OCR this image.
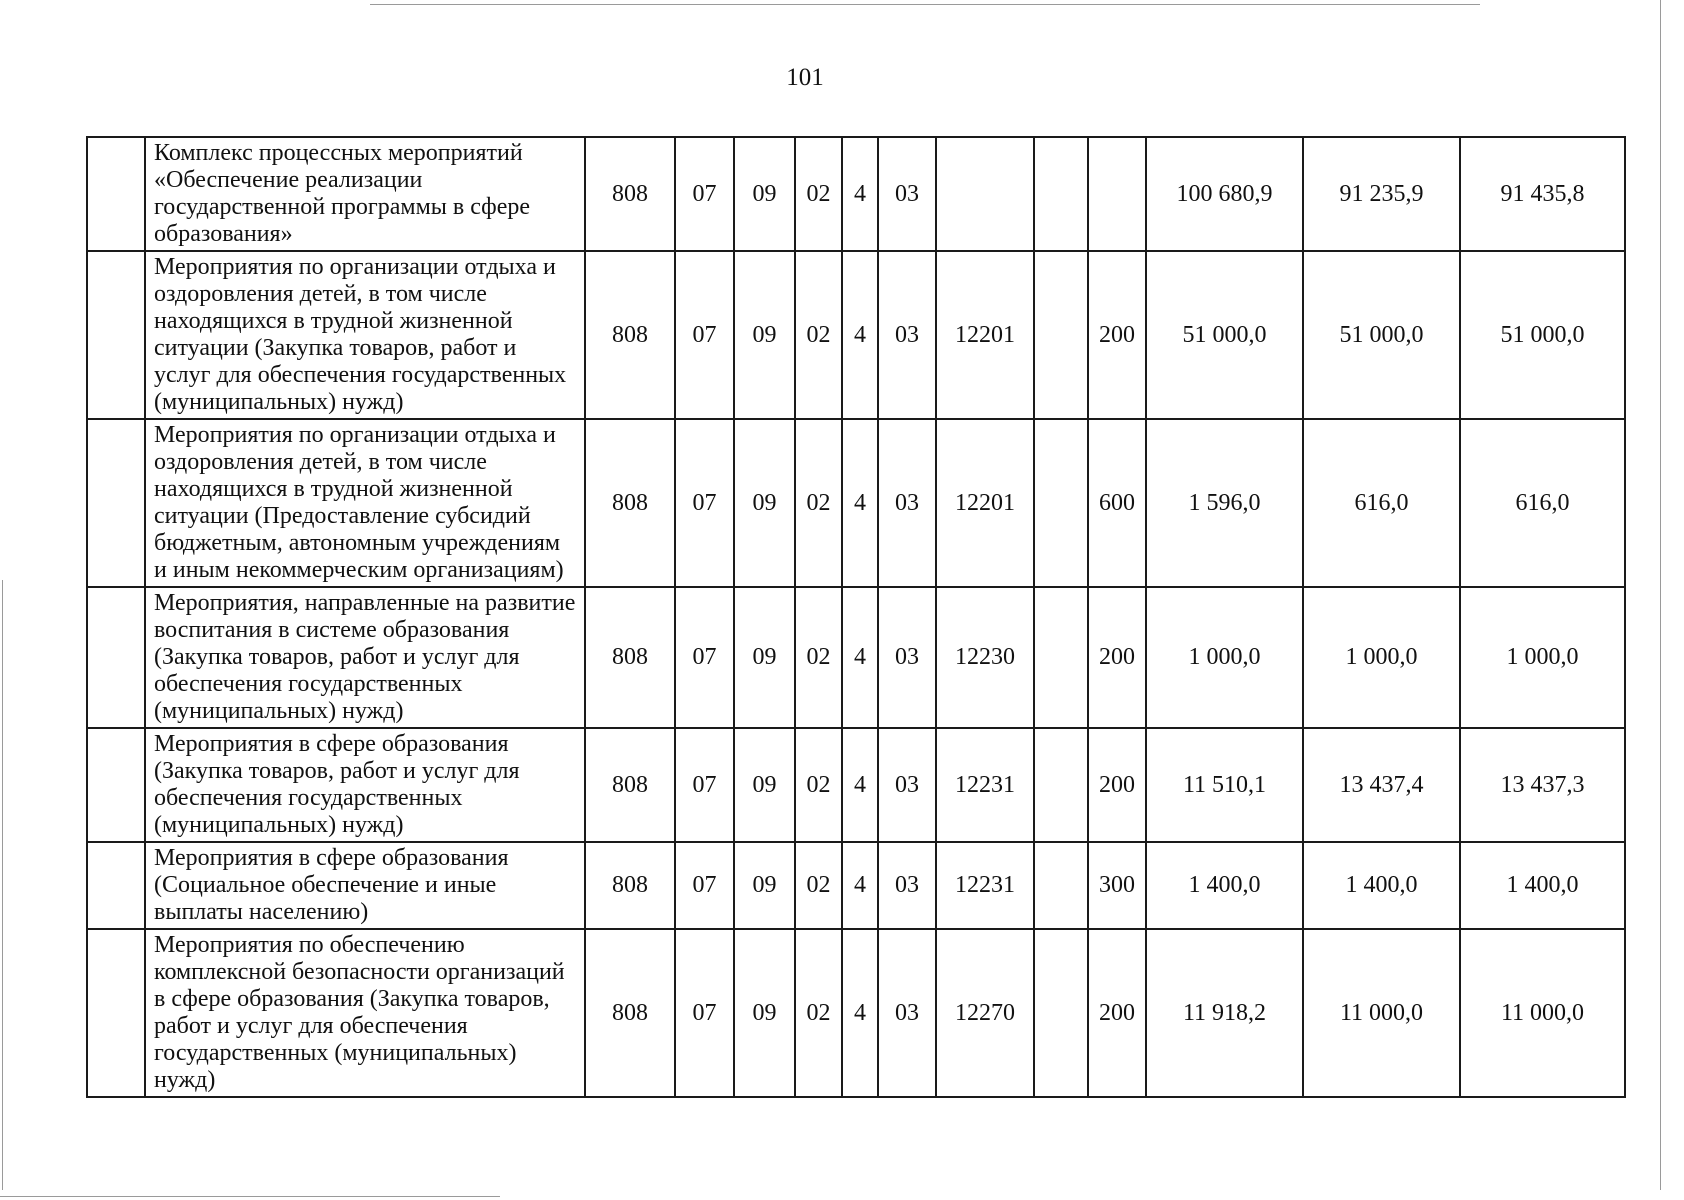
101
	Комплекс процессных мероприятий «Обеспечение реализации государственной программы в сфере образования»	808	07	09	02	4	03				100 680,9	91 235,9	91 435,8
	Мероприятия по организации отдыха и оздоровления детей, в том числе находящихся в трудной жизненной ситуации (Закупка товаров, работ и услуг для обеспечения государственных (муниципальных) нужд)	808	07	09	02	4	03	12201		200	51 000,0	51 000,0	51 000,0
	Мероприятия по организации отдыха и оздоровления детей, в том числе находящихся в трудной жизненной ситуации (Предоставление субсидий бюджетным, автономным учреждениям и иным некоммерческим организациям)	808	07	09	02	4	03	12201		600	1 596,0	616,0	616,0
	Мероприятия, направленные на развитие воспитания в системе образования (Закупка товаров, работ и услуг для обеспечения государственных (муниципальных) нужд)	808	07	09	02	4	03	12230		200	1 000,0	1 000,0	1 000,0
	Мероприятия в сфере образования (Закупка товаров, работ и услуг для обеспечения государственных (муниципальных) нужд)	808	07	09	02	4	03	12231		200	11 510,1	13 437,4	13 437,3
	Мероприятия в сфере образования (Социальное обеспечение и иные выплаты населению)	808	07	09	02	4	03	12231		300	1 400,0	1 400,0	1 400,0
	Мероприятия по обеспечению комплексной безопасности организаций в сфере образования (Закупка товаров, работ и услуг для обеспечения государственных (муниципальных) нужд)	808	07	09	02	4	03	12270		200	11 918,2	11 000,0	11 000,0
